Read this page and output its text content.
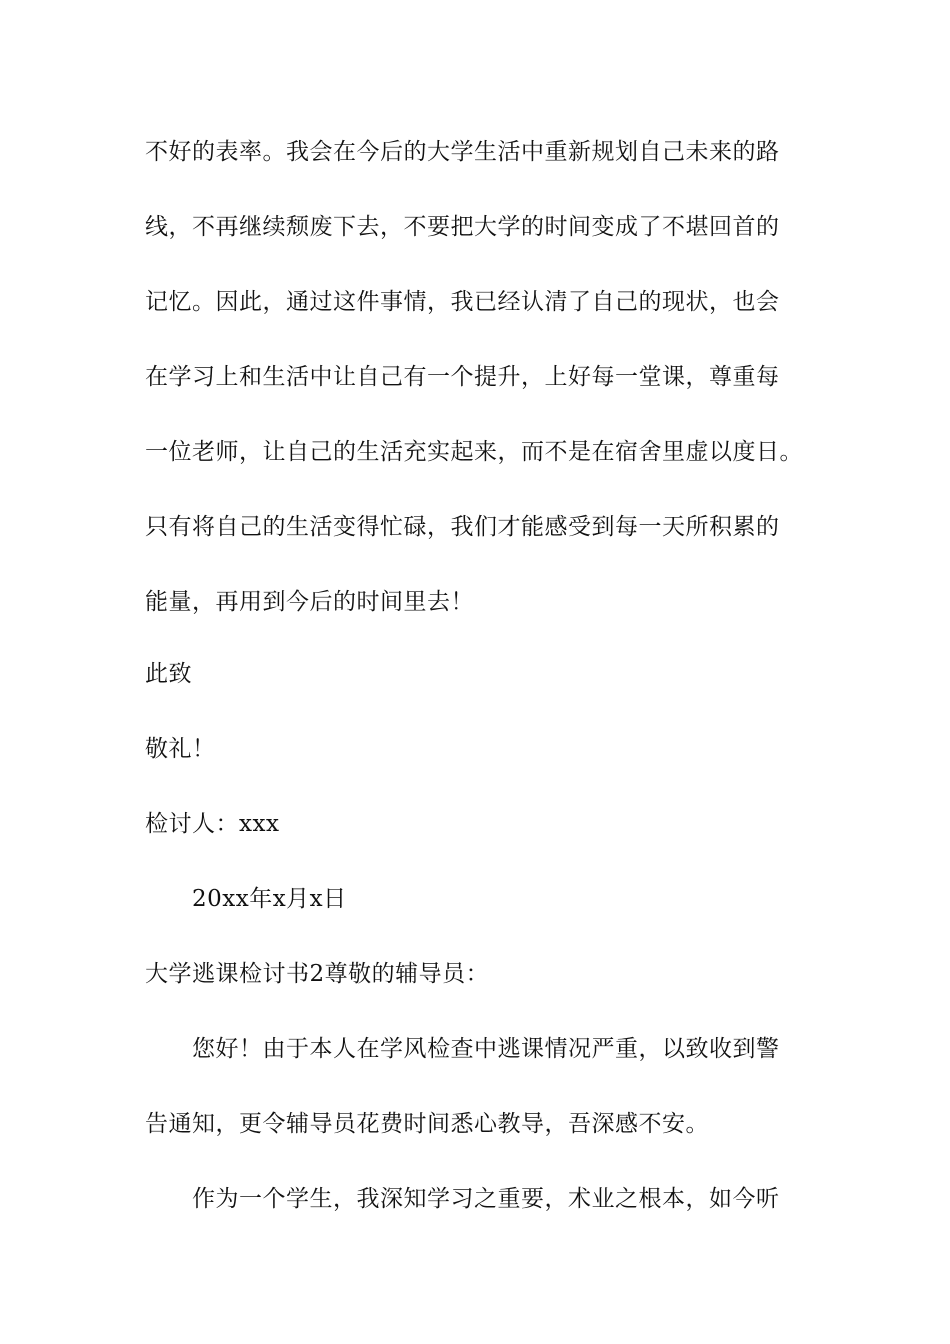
不好的表率。我会在今后的大学生活中重新规划自己未来的路
线，不再继续颓废下去，不要把大学的时间变成了不堪回首的
记忆。因此，通过这件事情，我已经认清了自己的现状，也会
在学习上和生活中让自己有一个提升，上好每一堂课，尊重每
一位老师，让自己的生活充实起来，而不是在宿舍里虚以度日。
只有将自己的生活变得忙碌，我们才能感受到每一天所积累的
能量，再用到今后的时间里去！
此致
敬礼！
检讨人：xxx
20xx年x月x日
大学逃课检讨书2尊敬的辅导员：
您好！由于本人在学风检查中逃课情况严重，以致收到警
告通知，更令辅导员花费时间悉心教导，吾深感不安。
作为一个学生，我深知学习之重要，术业之根本，如今听
